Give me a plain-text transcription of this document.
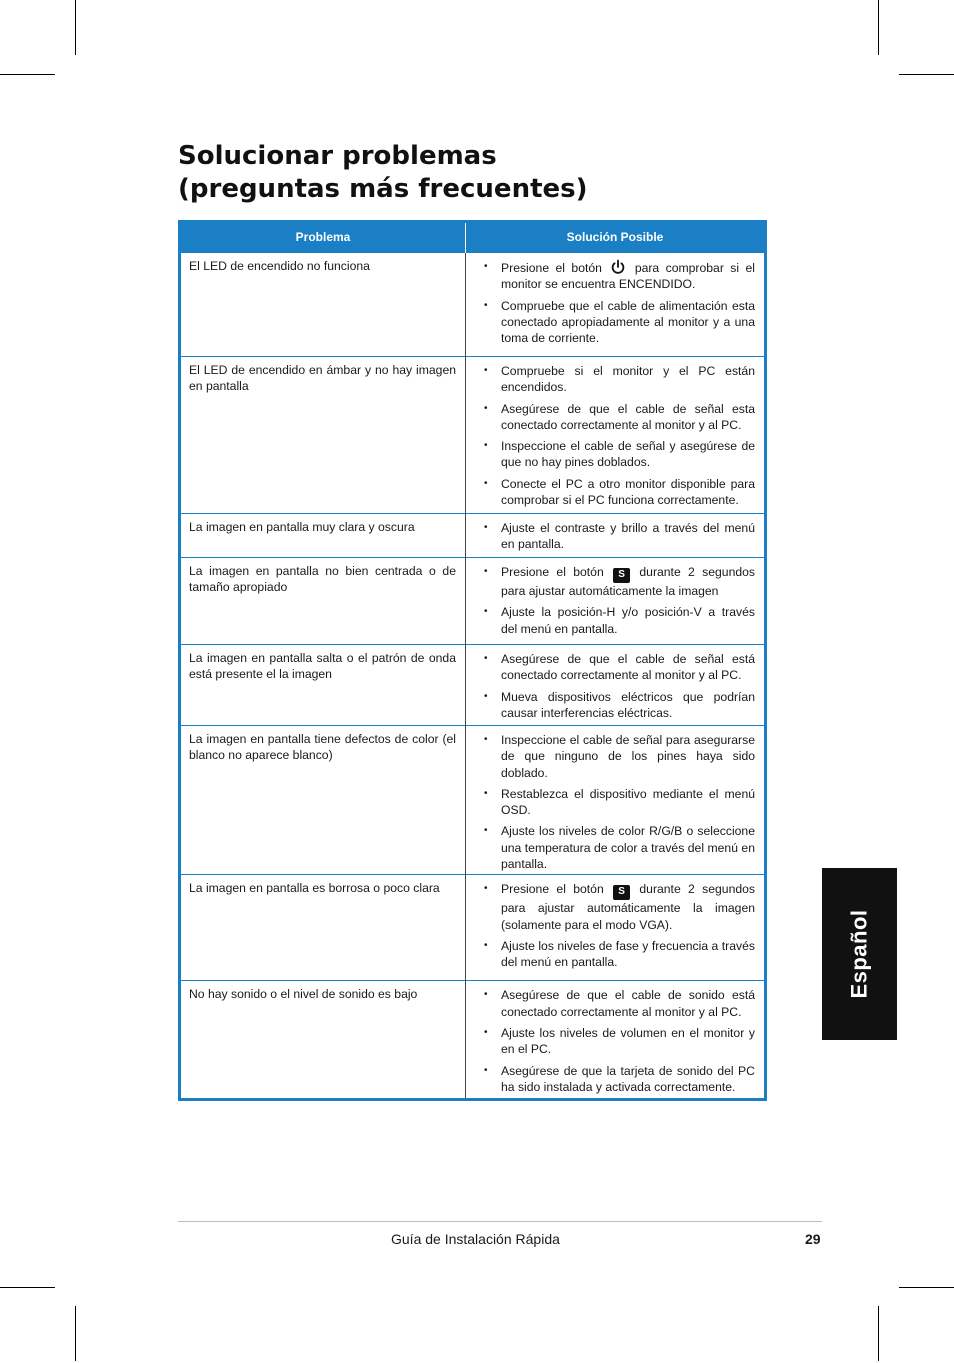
Solucionar problemas
(preguntas más frecuentes)
Problema	Solución Posible
El LED de encendido no funciona	• Presione el botón para comprobar si el monitor se encuentra ENCENDIDO.
• Compruebe que el cable de alimentación esta conectado apropiadamente al monitor y a una toma de corriente.

El LED de encendido en ámbar y no hay imagen en pantalla	• Compruebe si el monitor y el PC están encendidos.
• Asegúrese de que el cable de señal esta conectado correctamente al monitor y al PC.
• Inspeccione el cable de señal y asegúrese de que no hay pines doblados.
• Conecte el PC a otro monitor disponible para comprobar si el PC funciona correctamente.

La imagen en pantalla muy clara y oscura	• Ajuste el contraste y brillo a través del menú en pantalla.

La imagen en pantalla no bien centrada o de tamaño apropiado	• Presione el botón S durante 2 segundos para ajustar automáticamente la imagen
• Ajuste la posición-H y/o posición-V a través del menú en pantalla.

La imagen en pantalla salta o el patrón de onda está presente el la imagen	• Asegúrese de que el cable de señal está conectado correctamente al monitor y al PC.
• Mueva dispositivos eléctricos que podrían causar interferencias eléctricas.

La imagen en pantalla tiene defectos de color (el blanco no aparece blanco)	• Inspeccione el cable de señal para asegurarse de que ninguno de los pines haya sido doblado.
• Restablezca el dispositivo mediante el menú OSD.
• Ajuste los niveles de color R/G/B o seleccione una temperatura de color a través del menú en pantalla.

La imagen en pantalla es borrosa o poco clara	• Presione el botón S durante 2 segundos para ajustar automáticamente la imagen (solamente para el modo VGA).
• Ajuste los niveles de fase y frecuencia a través del menú en pantalla.

No hay sonido o el nivel de sonido es bajo	• Asegúrese de que el cable de sonido está conectado correctamente al monitor y al PC.
• Ajuste los niveles de volumen en el monitor y en el PC.
• Asegúrese de que la tarjeta de sonido del PC ha sido instalada y activada correctamente.
Español
Guía de Instalación Rápida	29
